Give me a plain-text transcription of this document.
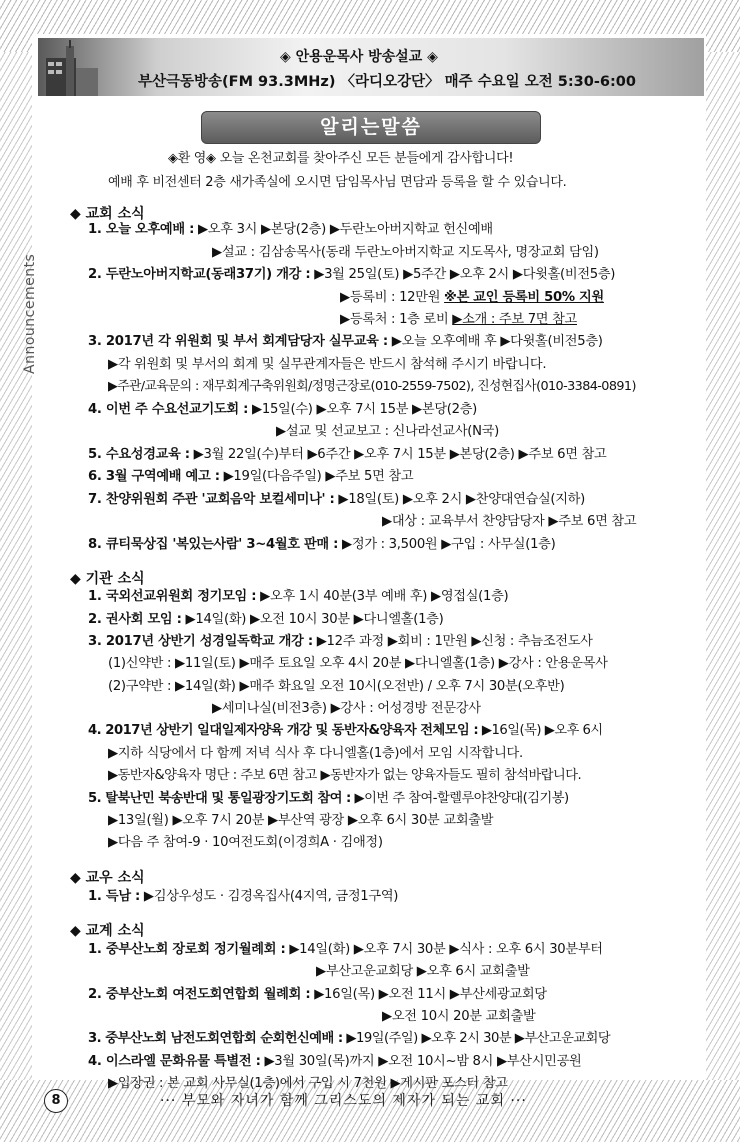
◈ 안용운목사 방송설교 ◈
부산극동방송(FM 93.3MHz) 〈라디오강단〉 매주 수요일 오전 5:30-6:00
알리는말씀
Announcements
◈환 영◈ 오늘 온천교회를 찾아주신 모든 분들에게 감사합니다!
예배 후 비전센터 2층 새가족실에 오시면 담임목사님 면담과 등록을 할 수 있습니다.
◆ 교회 소식
1. 오늘 오후예배 : ▶오후 3시 ▶본당(2층) ▶두란노아버지학교 헌신예배
▶설교 : 김삼송목사(동래 두란노아버지학교 지도목사, 명장교회 담임)
2. 두란노아버지학교(동래37기) 개강 : ▶3월 25일(토) ▶5주간 ▶오후 2시 ▶다윗홀(비전5층)
▶등록비 : 12만원 ※본 교인 등록비 50% 지원
▶등록처 : 1층 로비 ▶소개 : 주보 7면 참고
3. 2017년 각 위원회 및 부서 회계담당자 실무교육 : ▶오늘 오후예배 후 ▶다윗홀(비전5층)
▶각 위원회 및 부서의 회계 및 실무관계자들은 반드시 참석해 주시기 바랍니다.
▶주관/교육문의 : 재무회계구축위원회/정명근장로(010-2559-7502), 진성현집사(010-3384-0891)
4. 이번 주 수요선교기도회 : ▶15일(수) ▶오후 7시 15분 ▶본당(2층)
▶설교 및 선교보고 : 신나라선교사(N국)
5. 수요성경교육 : ▶3월 22일(수)부터 ▶6주간 ▶오후 7시 15분 ▶본당(2층) ▶주보 6면 참고
6. 3월 구역예배 예고 : ▶19일(다음주일) ▶주보 5면 참고
7. 찬양위원회 주관 '교회음악 보컬세미나' : ▶18일(토) ▶오후 2시 ▶찬양대연습실(지하)
▶대상 : 교육부서 찬양담당자 ▶주보 6면 참고
8. 큐티묵상집 '복있는사람' 3~4월호 판매 : ▶정가 : 3,500원 ▶구입 : 사무실(1층)
◆ 기관 소식
1. 국외선교위원회 정기모임 : ▶오후 1시 40분(3부 예배 후) ▶영접실(1층)
2. 권사회 모임 : ▶14일(화) ▶오전 10시 30분 ▶다니엘홀(1층)
3. 2017년 상반기 성경일독학교 개강 : ▶12주 과정 ▶회비 : 1만원 ▶신청 : 추늠조전도사
(1)신약반 : ▶11일(토) ▶매주 토요일 오후 4시 20분 ▶다니엘홀(1층) ▶강사 : 안용운목사
(2)구약반 : ▶14일(화) ▶매주 화요일 오전 10시(오전반) / 오후 7시 30분(오후반)
▶세미나실(비전3층) ▶강사 : 어성경방 전문강사
4. 2017년 상반기 일대일제자양육 개강 및 동반자&양육자 전체모임 : ▶16일(목) ▶오후 6시
▶지하 식당에서 다 함께 저녁 식사 후 다니엘홀(1층)에서 모임 시작합니다.
▶동반자&양육자 명단 : 주보 6면 참고 ▶동반자가 없는 양육자들도 필히 참석바랍니다.
5. 탈북난민 북송반대 및 통일광장기도회 참여 : ▶이번 주 참여-할렐루야찬양대(김기봉)
▶13일(월) ▶오후 7시 20분 ▶부산역 광장 ▶오후 6시 30분 교회출발
▶다음 주 참여-9 · 10여전도회(이경희A · 김애정)
◆ 교우 소식
1. 득남 : ▶김상우성도 · 김경옥집사(4지역, 금정1구역)
◆ 교계 소식
1. 중부산노회 장로회 정기월례회 : ▶14일(화) ▶오후 7시 30분 ▶식사 : 오후 6시 30분부터
▶부산고운교회당 ▶오후 6시 교회출발
2. 중부산노회 여전도회연합회 월례회 : ▶16일(목) ▶오전 11시 ▶부산세광교회당
▶오전 10시 20분 교회출발
3. 중부산노회 남전도회연합회 순회헌신예배 : ▶19일(주일) ▶오후 2시 30분 ▶부산고운교회당
4. 이스라엘 문화유물 특별전 : ▶3월 30일(목)까지 ▶오전 10시~밤 8시 ▶부산시민공원
▶입장권 : 본 교회 사무실(1층)에서 구입 시 7천원 ▶게시판 포스터 참고
8	··· 부모와 자녀가 함께 그리스도의 제자가 되는 교회 ···
